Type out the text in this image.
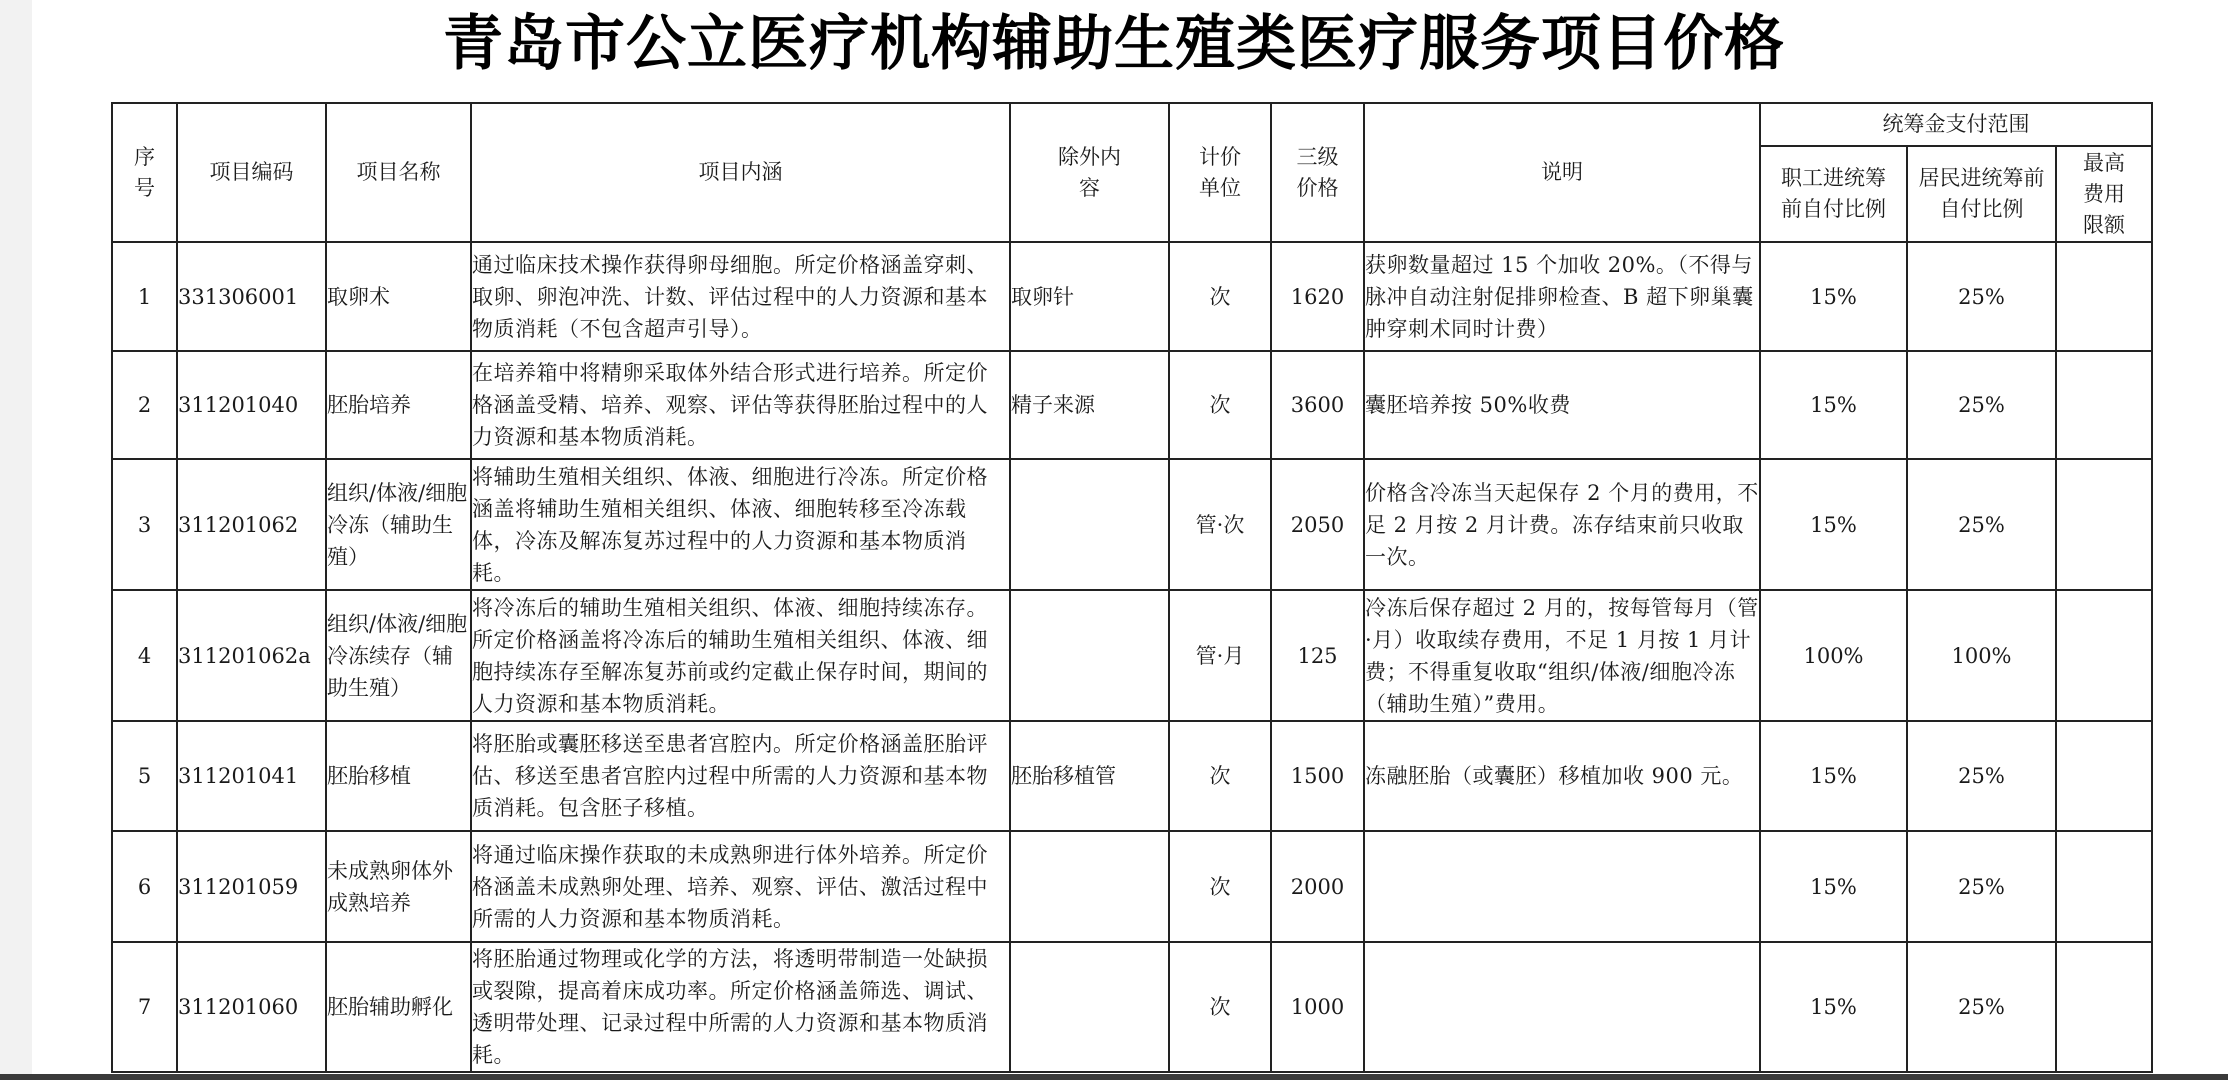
青岛市公立医疗机构辅助生殖类医疗服务项目价格
序号	项目编码	项目名称	项目内涵	除外内容	计价单位	三级价格	说明	统筹金支付范围		
								职工进统筹前自付比例	居民进统筹前自付比例	最高费用限额
1	331306001	取卵术	通过临床技术操作获得卵母细胞。所定价格涵盖穿刺、取卵、卵泡冲洗、计数、评估过程中的人力资源和基本物质消耗（不包含超声引导）。	取卵针	次	1620	获卵数量超过 15 个加收 20%。（不得与脉冲自动注射促排卵检查、B 超下卵巢囊肿穿刺术同时计费）	15%	25%	
2	311201040	胚胎培养	在培养箱中将精卵采取体外结合形式进行培养。所定价格涵盖受精、培养、观察、评估等获得胚胎过程中的人力资源和基本物质消耗。	精子来源	次	3600	囊胚培养按 50%收费	15%	25%	
3	311201062	组织/体液/细胞冷冻（辅助生殖）	将辅助生殖相关组织、体液、细胞进行冷冻。所定价格涵盖将辅助生殖相关组织、体液、细胞转移至冷冻载体，冷冻及解冻复苏过程中的人力资源和基本物质消耗。		管·次	2050	价格含冷冻当天起保存 2 个月的费用，不足 2 月按 2 月计费。冻存结束前只收取一次。	15%	25%	
4	311201062a	组织/体液/细胞冷冻续存（辅助生殖）	将冷冻后的辅助生殖相关组织、体液、细胞持续冻存。所定价格涵盖将冷冻后的辅助生殖相关组织、体液、细胞持续冻存至解冻复苏前或约定截止保存时间，期间的人力资源和基本物质消耗。		管·月	125	冷冻后保存超过 2 月的，按每管每月（管·月）收取续存费用，不足 1 月按 1 月计费；不得重复收取“组织/体液/细胞冷冻（辅助生殖）”费用。	100%	100%	
5	311201041	胚胎移植	将胚胎或囊胚移送至患者宫腔内。所定价格涵盖胚胎评估、移送至患者宫腔内过程中所需的人力资源和基本物质消耗。包含胚子移植。	胚胎移植管	次	1500	冻融胚胎（或囊胚）移植加收 900 元。	15%	25%	
6	311201059	未成熟卵体外成熟培养	将通过临床操作获取的未成熟卵进行体外培养。所定价格涵盖未成熟卵处理、培养、观察、评估、激活过程中所需的人力资源和基本物质消耗。		次	2000		15%	25%	
7	311201060	胚胎辅助孵化	将胚胎通过物理或化学的方法，将透明带制造一处缺损或裂隙，提高着床成功率。所定价格涵盖筛选、调试、透明带处理、记录过程中所需的人力资源和基本物质消耗。		次	1000		15%	25%	
